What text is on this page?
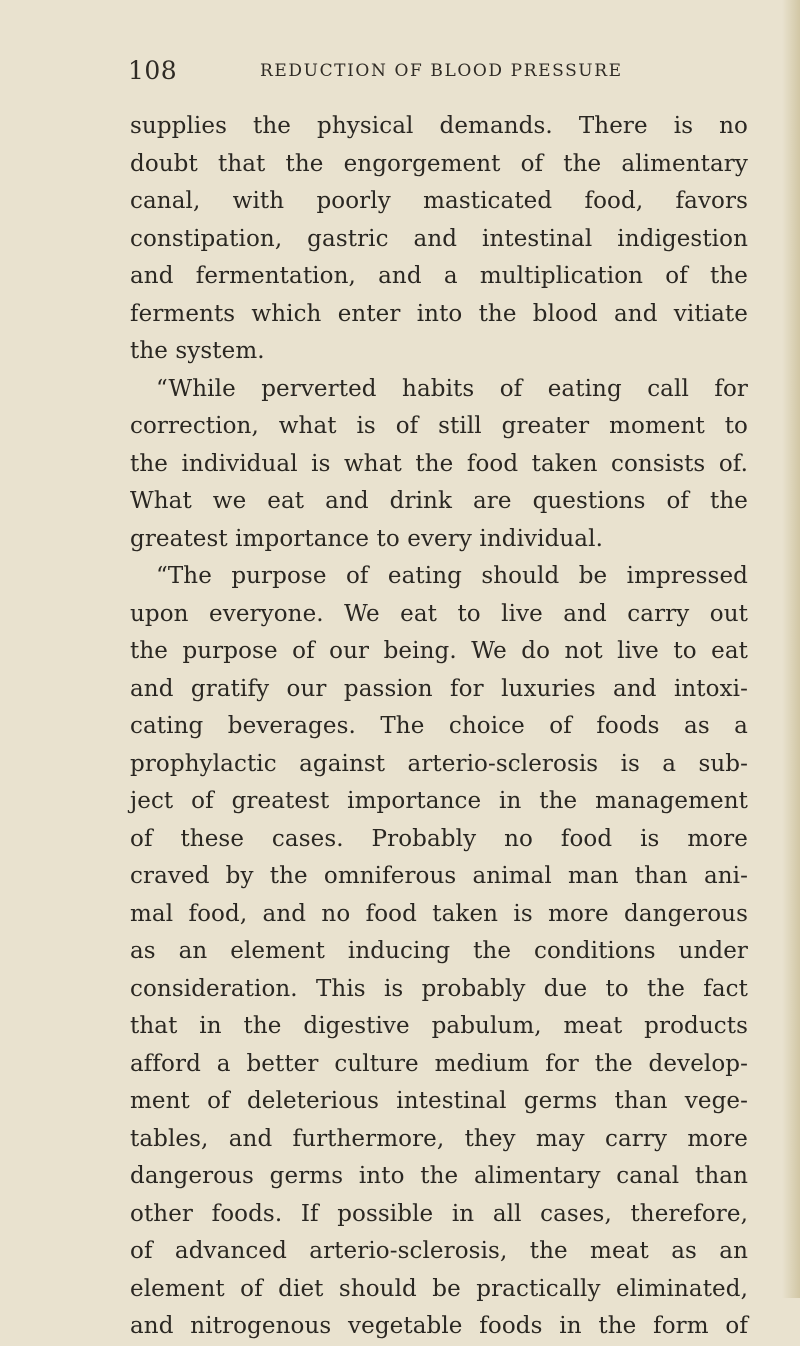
108	REDUCTION OF BLOOD PRESSURE
supplies the physical demands. There is no
doubt that the engorgement of the alimentary
canal, with poorly masticated food, favors
constipation, gastric and intestinal indigestion
and fermentation, and a multiplication of the
ferments which enter into the blood and vitiate
the system.
“While perverted habits of eating call for
correction, what is of still greater moment to
the individual is what the food taken consists of.
What we eat and drink are questions of the
greatest importance to every individual.
“The purpose of eating should be impressed
upon everyone. We eat to live and carry out
the purpose of our being. We do not live to eat
and gratify our passion for luxuries and intoxi-
cating beverages. The choice of foods as a
prophylactic against arterio-sclerosis is a sub-
ject of greatest importance in the management
of these cases. Probably no food is more
craved by the omniferous animal man than ani-
mal food, and no food taken is more dangerous
as an element inducing the conditions under
consideration. This is probably due to the fact
that in the digestive pabulum, meat products
afford a better culture medium for the develop-
ment of deleterious intestinal germs than vege-
tables, and furthermore, they may carry more
dangerous germs into the alimentary canal than
other foods. If possible in all cases, therefore,
of advanced arterio-sclerosis, the meat as an
element of diet should be practically eliminated,
and nitrogenous vegetable foods in the form of
